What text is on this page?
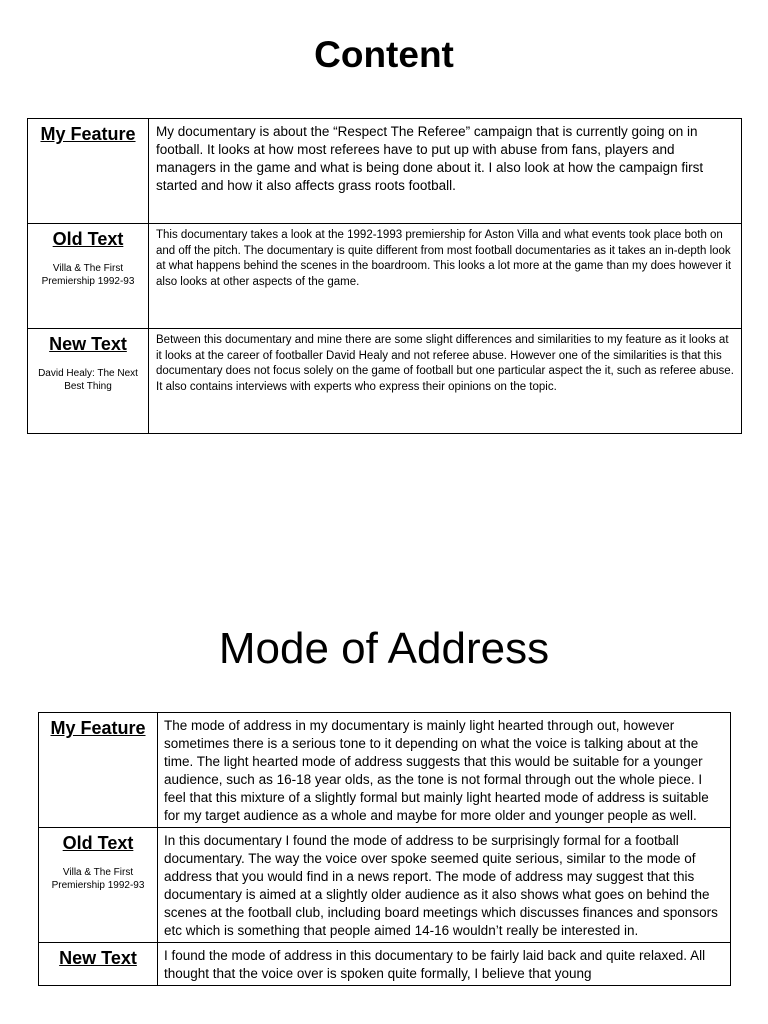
Content
My Feature	My documentary is about the “Respect The Referee” campaign that is currently going on in football. It looks at how most referees have to put up with abuse from fans, players and managers in the game and what is being done about it. I also look at how the campaign first started and how it also affects grass roots football.

Old Text
Villa & The First Premiership 1992-93	This documentary takes a look at the 1992-1993 premiership for Aston Villa and what events took place both on and off the pitch. The documentary is quite different from most football documentaries as it takes an in-depth look at what happens behind the scenes in the boardroom. This looks a lot more at the game than my does however it also looks at other aspects of the game.

New Text
David Healy: The Next Best Thing	Between this documentary and mine there are some slight differences and similarities to my feature as it looks at it looks at the career of footballer David Healy and not referee abuse. However one of the similarities is that this documentary does not focus solely on the game of football but one particular aspect the it, such as referee abuse. It also contains interviews with experts who express their opinions on the topic.
Mode of Address
My Feature	The mode of address in my documentary is mainly light hearted through out, however sometimes there is a serious tone to it depending on what the voice is talking about at the time. The light hearted mode of address suggests that this would be suitable for a younger audience, such as 16-18 year olds, as the tone is not formal through out the whole piece. I feel that this mixture of a slightly formal but mainly light hearted mode of address is suitable for my target audience as a whole and maybe for more older and younger people as well.

Old Text
Villa & The First Premiership 1992-93	In this documentary I found the mode of address to be surprisingly formal for a football documentary. The way the voice over spoke seemed quite serious, similar to the mode of address that you would find in a news report. The mode of address may suggest that this documentary is aimed at a slightly older audience as it also shows what goes on behind the scenes at the football club, including board meetings which discusses finances and sponsors etc which is something that people aimed 14-16 wouldn’t really be interested in.

New Text	I found the mode of address in this documentary to be fairly laid back and quite relaxed. All thought that the voice over is spoken quite formally, I believe that young
